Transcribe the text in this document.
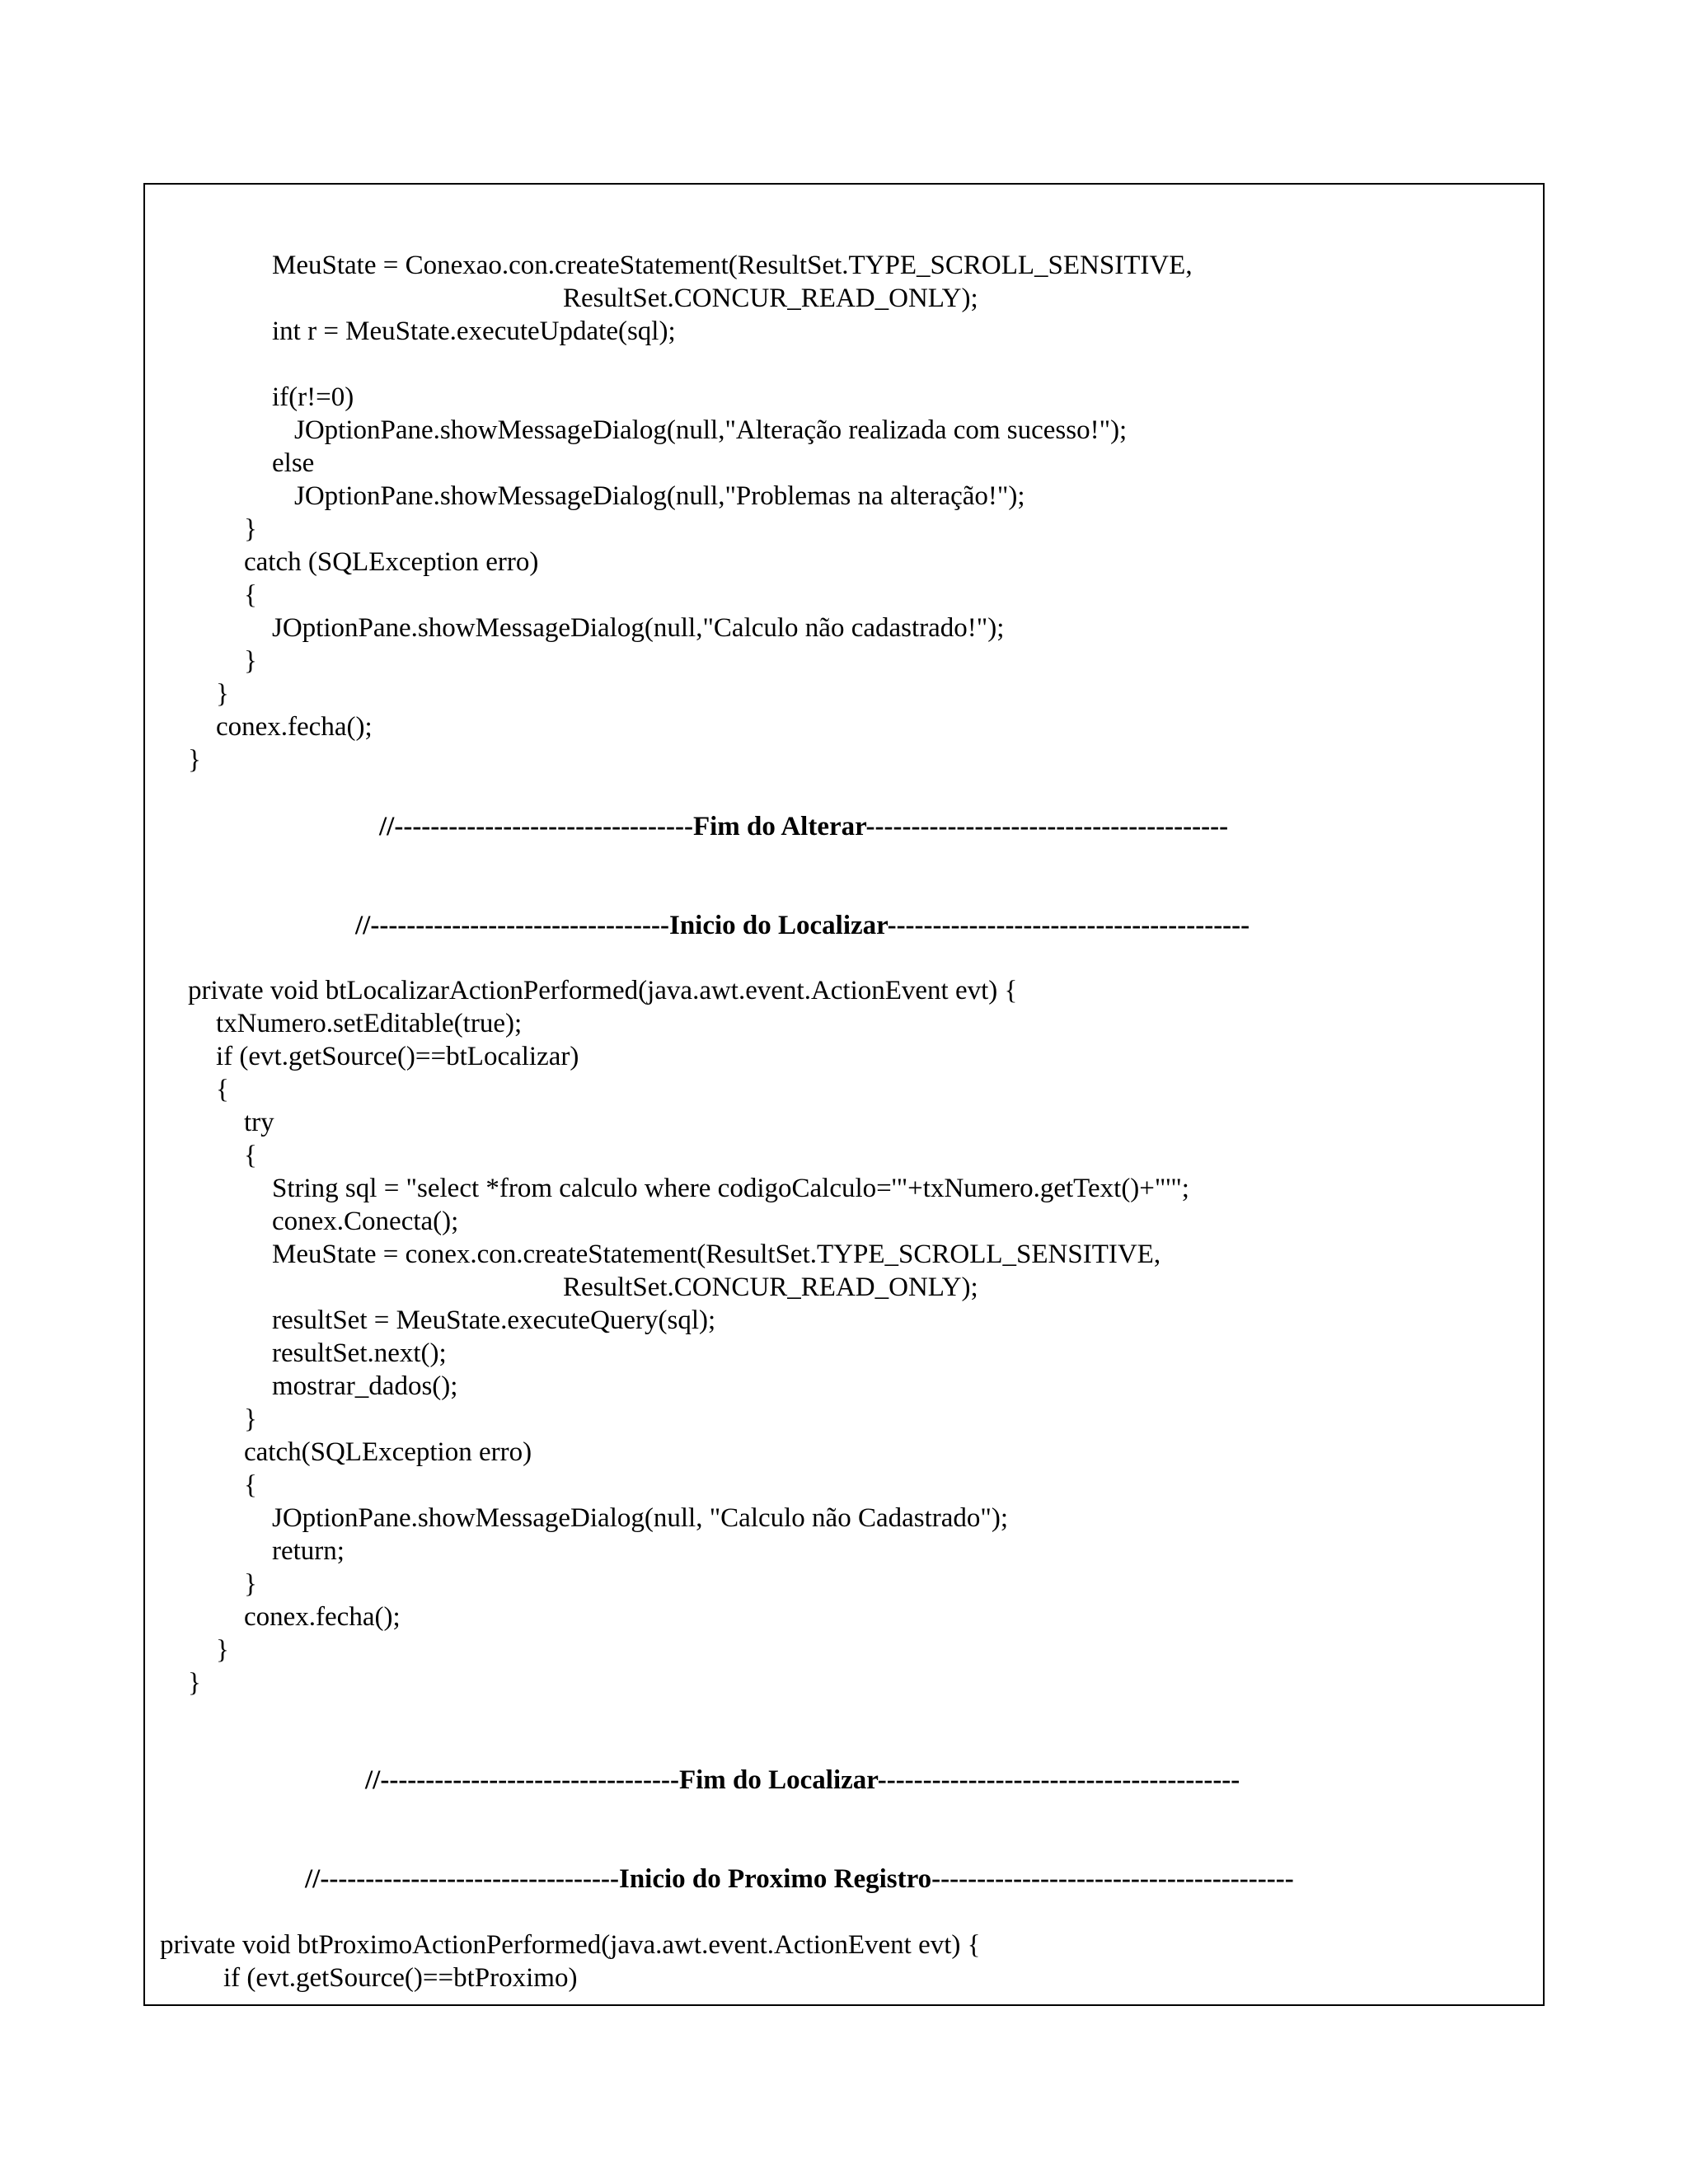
MeuState = Conexao.con.createStatement(ResultSet.TYPE_SCROLL_SENSITIVE,
ResultSet.CONCUR_READ_ONLY);
int r = MeuState.executeUpdate(sql);
if(r!=0)
JOptionPane.showMessageDialog(null,"Alteração realizada com sucesso!");
else
JOptionPane.showMessageDialog(null,"Problemas na alteração!");
}
catch (SQLException erro)
{
JOptionPane.showMessageDialog(null,"Calculo não cadastrado!");
}
}
conex.fecha();
}
//---------------------------------Fim do Alterar----------------------------------------
//---------------------------------Inicio do Localizar----------------------------------------
private void btLocalizarActionPerformed(java.awt.event.ActionEvent evt) {
txNumero.setEditable(true);
if (evt.getSource()==btLocalizar)
{
try
{
String sql = "select *from calculo where codigoCalculo='"+txNumero.getText()+"'";
conex.Conecta();
MeuState = conex.con.createStatement(ResultSet.TYPE_SCROLL_SENSITIVE,
ResultSet.CONCUR_READ_ONLY);
resultSet = MeuState.executeQuery(sql);
resultSet.next();
mostrar_dados();
}
catch(SQLException erro)
{
JOptionPane.showMessageDialog(null, "Calculo não Cadastrado");
return;
}
conex.fecha();
}
}
//---------------------------------Fim do Localizar----------------------------------------
//---------------------------------Inicio do Proximo Registro----------------------------------------
private void btProximoActionPerformed(java.awt.event.ActionEvent evt) {
if (evt.getSource()==btProximo)
